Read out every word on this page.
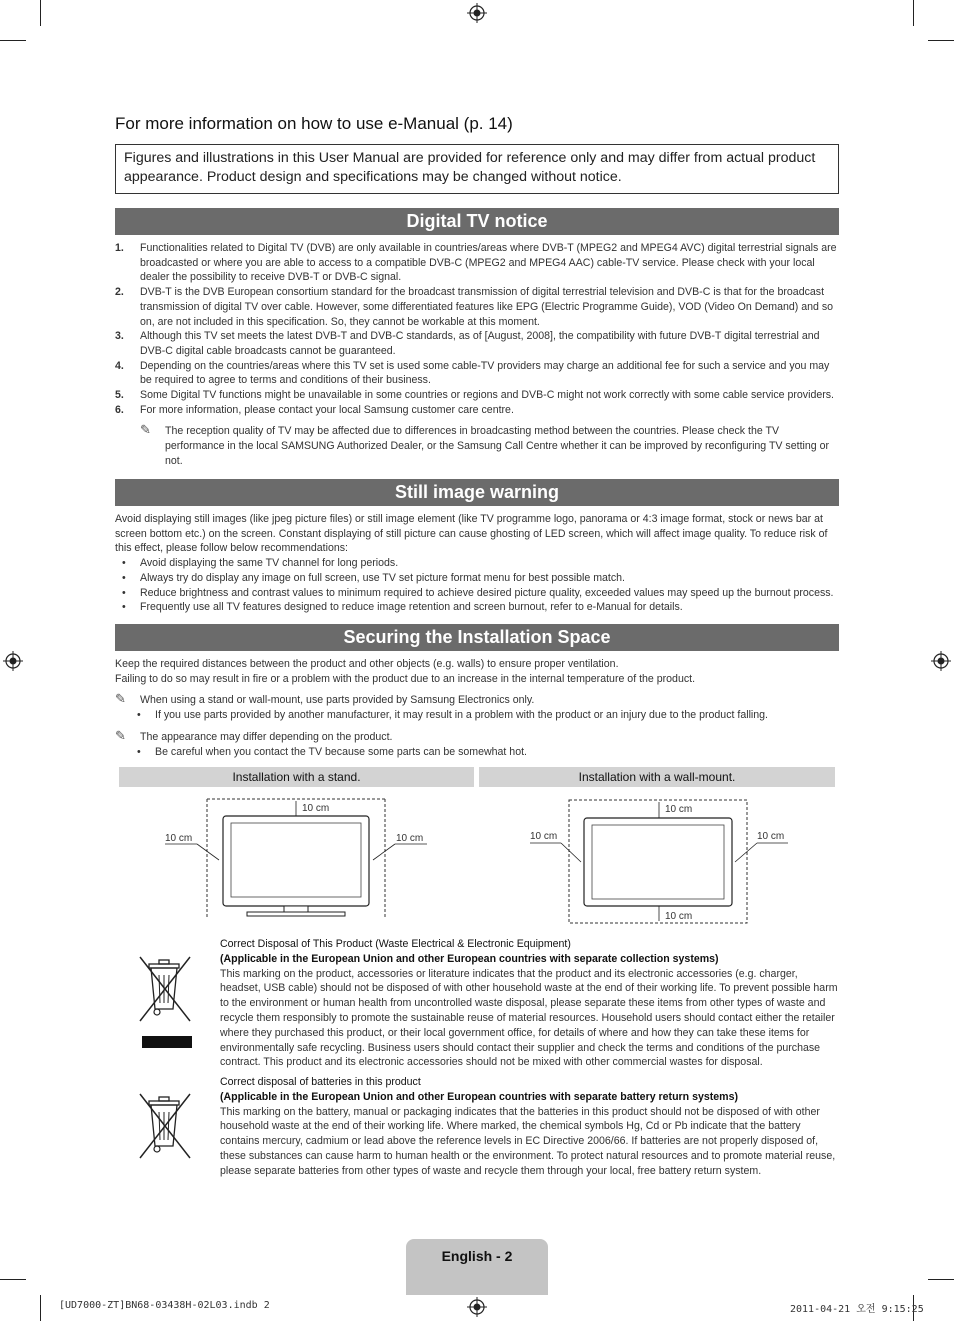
For more information on how to use e-Manual (p. 14)
Figures and illustrations in this User Manual are provided for reference only and may differ from actual product appearance. Product design and specifications may be changed without notice.
Digital TV notice
1. Functionalities related to Digital TV (DVB) are only available in countries/areas where DVB-T (MPEG2 and MPEG4 AVC) digital terrestrial signals are broadcasted or where you are able to access to a compatible DVB-C (MPEG2 and MPEG4 AAC) cable-TV service. Please check with your local dealer the possibility to receive DVB-T or DVB-C signal.
2. DVB-T is the DVB European consortium standard for the broadcast transmission of digital terrestrial television and DVB-C is that for the broadcast transmission of digital TV over cable. However, some differentiated features like EPG (Electric Programme Guide), VOD (Video On Demand) and so on, are not included in this specification. So, they cannot be workable at this moment.
3. Although this TV set meets the latest DVB-T and DVB-C standards, as of [August, 2008], the compatibility with future DVB-T digital terrestrial and DVB-C digital cable broadcasts cannot be guaranteed.
4. Depending on the countries/areas where this TV set is used some cable-TV providers may charge an additional fee for such a service and you may be required to agree to terms and conditions of their business.
5. Some Digital TV functions might be unavailable in some countries or regions and DVB-C might not work correctly with some cable service providers.
6. For more information, please contact your local Samsung customer care centre.
✎ The reception quality of TV may be affected due to differences in broadcasting method between the countries. Please check the TV performance in the local SAMSUNG Authorized Dealer, or the Samsung Call Centre whether it can be improved by reconfiguring TV setting or not.
Still image warning
Avoid displaying still images (like jpeg picture files) or still image element (like TV programme logo, panorama or 4:3 image format, stock or news bar at screen bottom etc.) on the screen. Constant displaying of still picture can cause ghosting of LED screen, which will affect image quality. To reduce risk of this effect, please follow below recommendations:
• Avoid displaying the same TV channel for long periods.
• Always try do display any image on full screen, use TV set picture format menu for best possible match.
• Reduce brightness and contrast values to minimum required to achieve desired picture quality, exceeded values may speed up the burnout process.
• Frequently use all TV features designed to reduce image retention and screen burnout, refer to e-Manual for details.
Securing the Installation Space
Keep the required distances between the product and other objects (e.g. walls) to ensure proper ventilation.
Failing to do so may result in fire or a problem with the product due to an increase in the internal temperature of the product.
✎ When using a stand or wall-mount, use parts provided by Samsung Electronics only.
• If you use parts provided by another manufacturer, it may result in a problem with the product or an injury due to the product falling.
✎ The appearance may differ depending on the product.
• Be careful when you contact the TV because some parts can be somewhat hot.
Installation with a stand.	Installation with a wall-mount.
10 cm
10 cm	10 cm
10 cm
10 cm	10 cm
10 cm
Correct Disposal of This Product (Waste Electrical & Electronic Equipment)
(Applicable in the European Union and other European countries with separate collection systems)
This marking on the product, accessories or literature indicates that the product and its electronic accessories (e.g. charger, headset, USB cable) should not be disposed of with other household waste at the end of their working life. To prevent possible harm to the environment or human health from uncontrolled waste disposal, please separate these items from other types of waste and recycle them responsibly to promote the sustainable reuse of material resources. Household users should contact either the retailer where they purchased this product, or their local government office, for details of where and how they can take these items for environmentally safe recycling. Business users should contact their supplier and check the terms and conditions of the purchase contract. This product and its electronic accessories should not be mixed with other commercial wastes for disposal.
Correct disposal of batteries in this product
(Applicable in the European Union and other European countries with separate battery return systems)
This marking on the battery, manual or packaging indicates that the batteries in this product should not be disposed of with other household waste at the end of their working life. Where marked, the chemical symbols Hg, Cd or Pb indicate that the battery contains mercury, cadmium or lead above the reference levels in EC Directive 2006/66. If batteries are not properly disposed of, these substances can cause harm to human health or the environment. To protect natural resources and to promote material reuse, please separate batteries from other types of waste and recycle them through your local, free battery return system.
English - 2
[UD7000-ZT]BN68-03438H-02L03.indb 2	2011-04-21 오전 9:15:25
